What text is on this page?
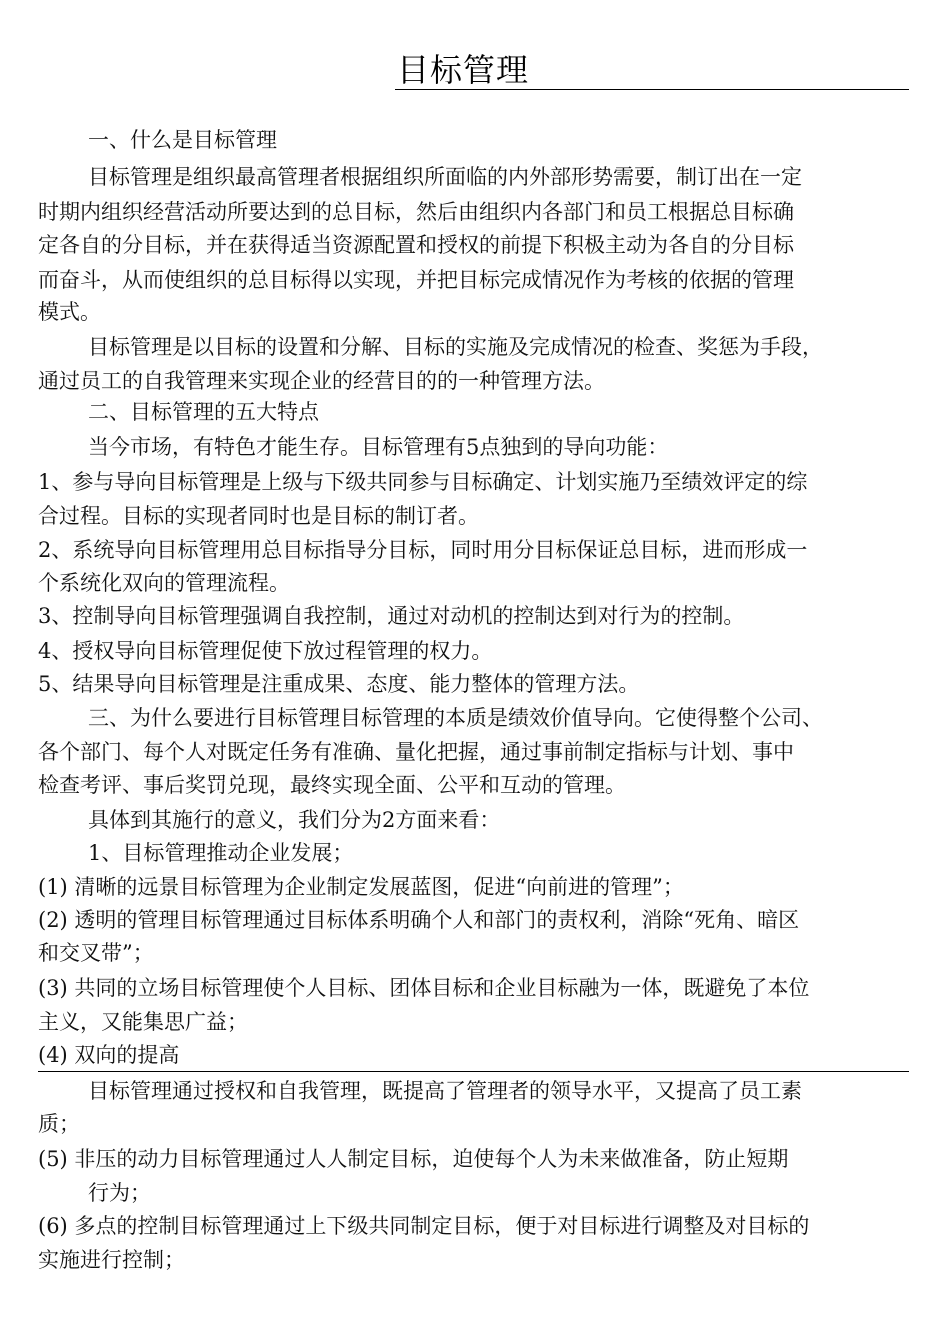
目标管理
一、什么是目标管理
目标管理是组织最高管理者根据组织所面临的内外部形势需要，制订出在一定
时期内组织经营活动所要达到的总目标，然后由组织内各部门和员工根据总目标确
定各自的分目标，并在获得适当资源配置和授权的前提下积极主动为各自的分目标
而奋斗，从而使组织的总目标得以实现，并把目标完成情况作为考核的依据的管理
模式。
目标管理是以目标的设置和分解、目标的实施及完成情况的检查、奖惩为手段，
通过员工的自我管理来实现企业的经营目的的一种管理方法。
二、目标管理的五大特点
当今市场，有特色才能生存。目标管理有5点独到的导向功能：
1、参与导向目标管理是上级与下级共同参与目标确定、计划实施乃至绩效评定的综
合过程。目标的实现者同时也是目标的制订者。
2、系统导向目标管理用总目标指导分目标，同时用分目标保证总目标，进而形成一
个系统化双向的管理流程。
3、控制导向目标管理强调自我控制，通过对动机的控制达到对行为的控制。
4、授权导向目标管理促使下放过程管理的权力。
5、结果导向目标管理是注重成果、态度、能力整体的管理方法。
三、为什么要进行目标管理目标管理的本质是绩效价值导向。它使得整个公司、
各个部门、每个人对既定任务有准确、量化把握，通过事前制定指标与计划、事中
检查考评、事后奖罚兑现，最终实现全面、公平和互动的管理。
具体到其施行的意义，我们分为2方面来看：
1、目标管理推动企业发展；
(1) 清晰的远景目标管理为企业制定发展蓝图，促进“向前进的管理”；
(2) 透明的管理目标管理通过目标体系明确个人和部门的责权利，消除“死角、暗区
和交叉带”；
(3) 共同的立场目标管理使个人目标、团体目标和企业目标融为一体，既避免了本位
主义，又能集思广益；
(4) 双向的提高
目标管理通过授权和自我管理，既提高了管理者的领导水平，又提高了员工素
质；
(5) 非压的动力目标管理通过人人制定目标，迫使每个人为未来做准备，防止短期
行为；
(6) 多点的控制目标管理通过上下级共同制定目标，便于对目标进行调整及对目标的
实施进行控制；
